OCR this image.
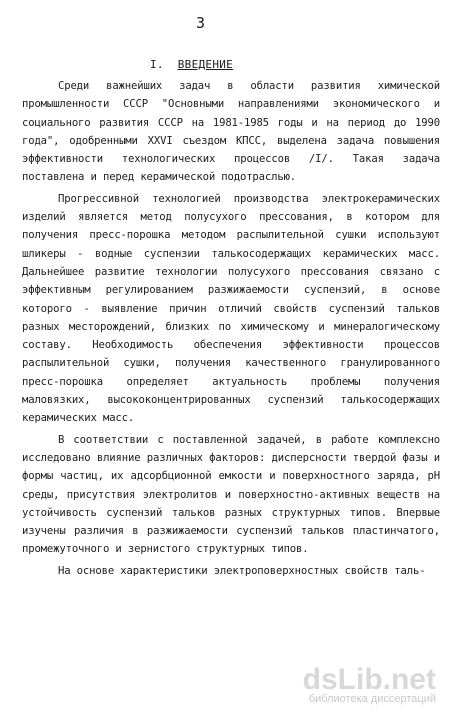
3
I. ВВЕДЕНИЕ

Среди важнейших задач в области развития химической промышленности СССР "Основными направлениями экономического и социального развития СССР на 1981-1985 годы и на период до 1990 года", одобренными XXVI съездом КПСС, выделена задача повышения эффективности технологических процессов /I/. Такая задача поставлена и перед керамической подотраслью.

Прогрессивной технологией производства электрокерамических изделий является метод полусухого прессования, в котором для получения пресс-порошка методом распылительной сушки используют шликеры - водные суспензии талькосодержащих керамических масс. Дальнейшее развитие технологии полусухого прессования связано с эффективным регулированием разжижаемости суспензий, в основе которого - выявление причин отличий свойств суспензий тальков разных месторождений, близких по химическому и минералогическому составу. Необходимость обеспечения эффективности процессов распылительной сушки, получения качественного гранулированного пресс-порошка определяет актуальность проблемы получения маловязких, высококонцентрированных суспензий талькосодержащих керамических масс.

В соответствии с поставленной задачей, в работе комплексно исследовано влияние различных факторов: дисперсности твердой фазы и формы частиц, их адсорбционной емкости и поверхностного заряда, pH среды, присутствия электролитов и поверхностно-активных веществ на устойчивость суспензий тальков разных структурных типов. Впервые изучены различия в разжижаемости суспензий тальков пластинчатого, промежуточного и зернистого структурных типов.

На основе характеристики электроповерхностных свойств таль-

dsLib.net
библиотека диссертаций
